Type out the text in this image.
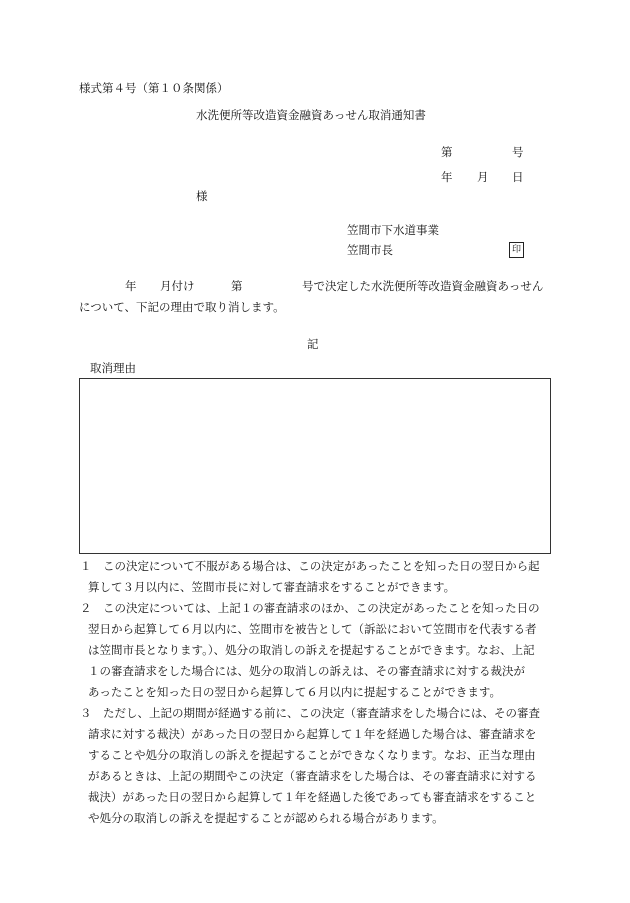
様式第４号（第１０条関係）
水洗便所等改造資金融資あっせん取消通知書
第	号
年 月 日
様
笠間市下水道事業
笠間市長	印
年 月付け	第	号で決定した水洗便所等改造資金融資あっせん
について、下記の理由で取り消します。
記
取消理由

１　この決定について不服がある場合は、この決定があったことを知った日の翌日から起
算して３月以内に、笠間市長に対して審査請求をすることができます。

２　この決定については、上記１の審査請求のほか、この決定があったことを知った日の
翌日から起算して６月以内に、笠間市を被告として（訴訟において笠間市を代表する者
は笠間市長となります。）、処分の取消しの訴えを提起することができます。なお、上記
１の審査請求をした場合には、処分の取消しの訴えは、その審査請求に対する裁決が
あったことを知った日の翌日から起算して６月以内に提起することができます。

３　ただし、上記の期間が経過する前に、この決定（審査請求をした場合には、その審査
請求に対する裁決）があった日の翌日から起算して１年を経過した場合は、審査請求を
することや処分の取消しの訴えを提起することができなくなります。なお、正当な理由
があるときは、上記の期間やこの決定（審査請求をした場合は、その審査請求に対する
裁決）があった日の翌日から起算して１年を経過した後であっても審査請求をすること
や処分の取消しの訴えを提起することが認められる場合があります。
